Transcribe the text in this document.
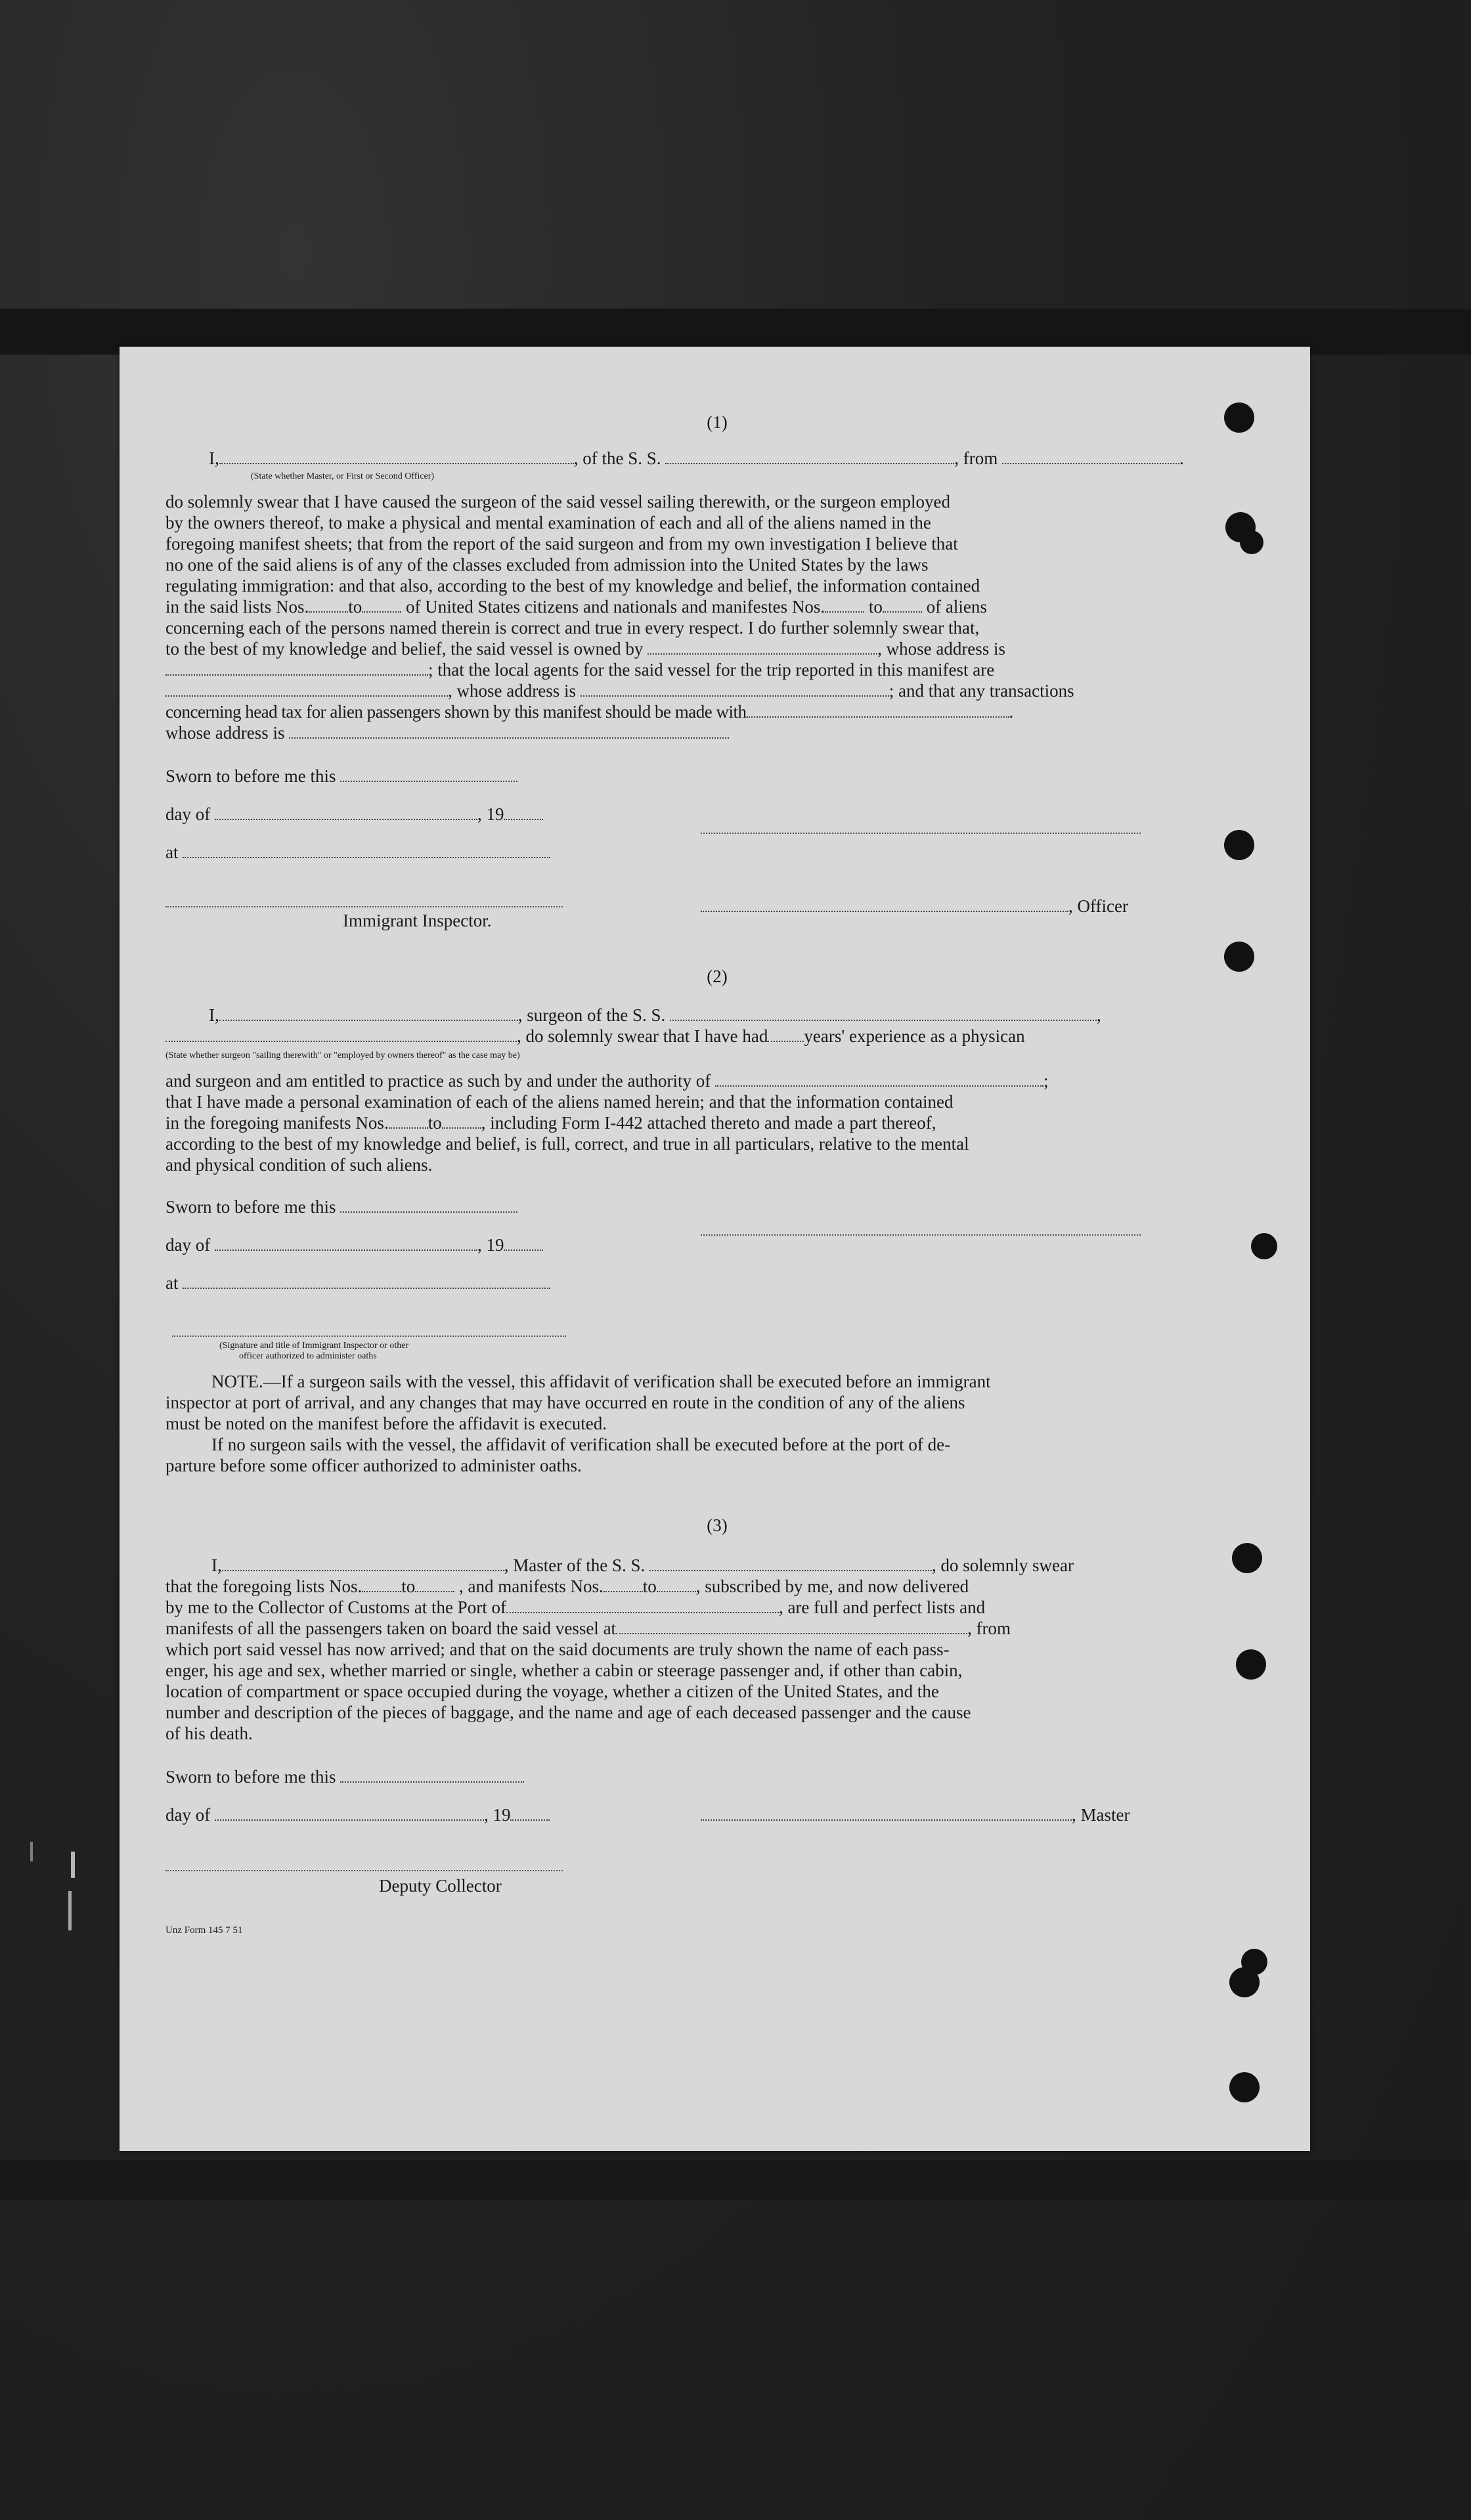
(1)
I,	, of the S. S.	, from	.
(State whether Master, or First or Second Officer)
do solemnly swear that I have caused the surgeon of the said vessel sailing therewith, or the surgeon employed
by the owners thereof, to make a physical and mental examination of each and all of the aliens named in the
foregoing manifest sheets; that from the report of the said surgeon and from my own investigation I believe that
no one of the said aliens is of any of the classes excluded from admission into the United States by the laws
regulating immigration: and that also, according to the best of my knowledge and belief, the information contained
in the said lists Nos. to of United States citizens and nationals and manifestes Nos. to of aliens
concerning each of the persons named therein is correct and true in every respect. I do further solemnly swear that,
to the best of my knowledge and belief, the said vessel is owned by	, whose address is
; that the local agents for the said vessel for the trip reported in this manifest are
, whose address is	; and that any transactions
concerning head tax for alien passengers shown by this manifest should be made with	.
whose address is
Sworn to before me this
day of	, 19
at
, Officer
Immigrant Inspector.
(2)
I,	, surgeon of the S. S.	,
, do solemnly swear that I have had years' experience as a physican
(State whether surgeon "sailing therewith" or "employed by owners thereof" as the case may be)
and surgeon and am entitled to practice as such by and under the authority of	;
that I have made a personal examination of each of the aliens named herein; and that the information contained
in the foregoing manifests Nos. to , including Form I-442 attached thereto and made a part thereof,
according to the best of my knowledge and belief, is full, correct, and true in all particulars, relative to the mental
and physical condition of such aliens.
Sworn to before me this
day of	, 19
at
(Signature and title of Immigrant Inspector or other
officer authorized to administer oaths
NOTE.—If a surgeon sails with the vessel, this affidavit of verification shall be executed before an immigrant
inspector at port of arrival, and any changes that may have occurred en route in the condition of any of the aliens
must be noted on the manifest before the affidavit is executed.
If no surgeon sails with the vessel, the affidavit of verification shall be executed before at the port of de-
parture before some officer authorized to administer oaths.
(3)
I,	, Master of the S. S.	, do solemnly swear
that the foregoing lists Nos. to , and manifests Nos. to , subscribed by me, and now delivered
by me to the Collector of Customs at the Port of	, are full and perfect lists and
manifests of all the passengers taken on board the said vessel at	, from
which port said vessel has now arrived; and that on the said documents are truly shown the name of each pass-
enger, his age and sex, whether married or single, whether a cabin or steerage passenger and, if other than cabin,
location of compartment or space occupied during the voyage, whether a citizen of the United States, and the
number and description of the pieces of baggage, and the name and age of each deceased passenger and the cause
of his death.
Sworn to before me this
day of	, 19	, Master
Deputy Collector
Unz Form 145 7 51
